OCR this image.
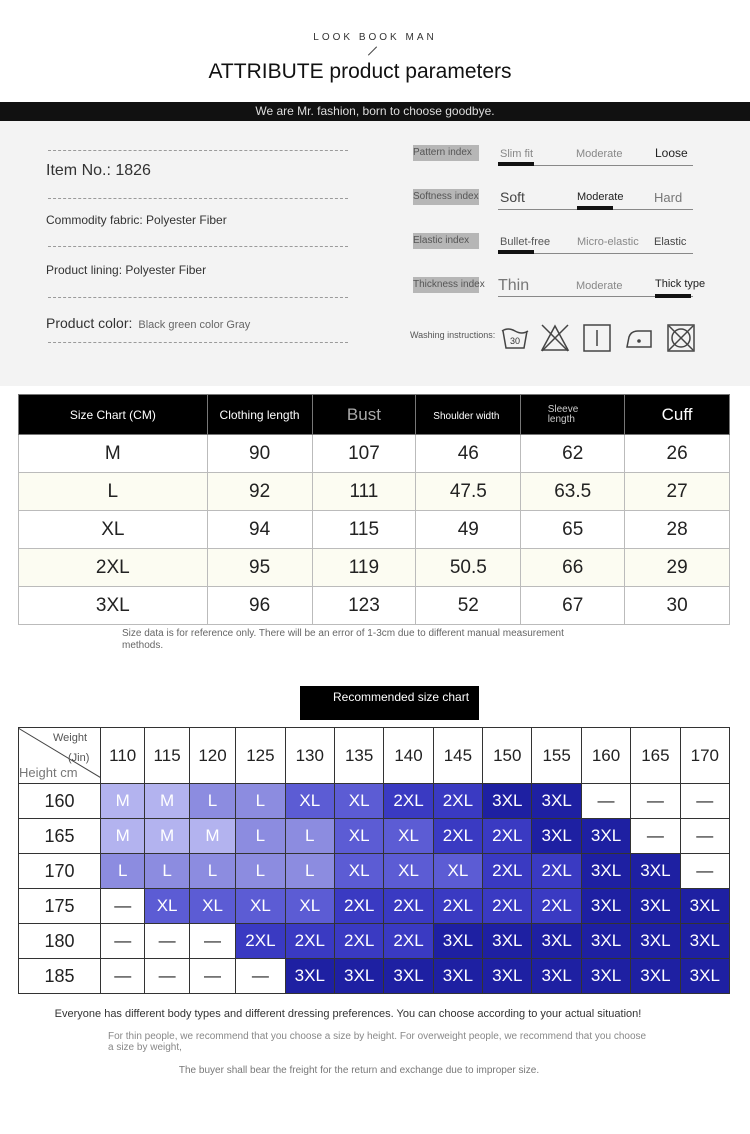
LOOK BOOK MAN
ATTRIBUTE product parameters
We are Mr. fashion, born to choose goodbye.
Item No.: 1826
Commodity fabric: Polyester Fiber
Product lining: Polyester Fiber
Product color: Black green color Gray
Pattern index	Slim fit	Moderate	Loose
Softness index Soft	Moderate Hard
Elastic index	Bullet-free Micro-elastic Elastic
Thickness index Thin	Moderate	Thick type
Washing instructions:
30
Size Chart (CM)	Clothing length	Bust	Shoulder width	Sleeve length	Cuff
M	90	107	46	62	26
L	92	111	47.5	63.5	27
XL	94	115	49	65	28
2XL	95	119	50.5	66	29
3XL	96	123	52	67	30
Size data is for reference only. There will be an error of 1-3cm due to different manual measurement methods.
Recommended size chart
Weight
(Jin)
Height cm	110	115	120	125	130	135	140	145	150	155	160	165	170
160	M	M	L	L	XL	XL	2XL	2XL	3XL	3XL	—	—	—
165	M	M	M	L	L	XL	XL	2XL	2XL	3XL	3XL	—	—
170	L	L	L	L	L	XL	XL	XL	2XL	2XL	3XL	3XL	—
175	—	XL	XL	XL	XL	2XL	2XL	2XL	2XL	2XL	3XL	3XL	3XL
180	—	—	—	2XL	2XL	2XL	2XL	3XL	3XL	3XL	3XL	3XL	3XL
185	—	—	—	—	3XL	3XL	3XL	3XL	3XL	3XL	3XL	3XL	3XL
Everyone has different body types and different dressing preferences. You can choose according to your actual situation!
For thin people, we recommend that you choose a size by height. For overweight people, we recommend that you choose a size by weight,
The buyer shall bear the freight for the return and exchange due to improper size.
